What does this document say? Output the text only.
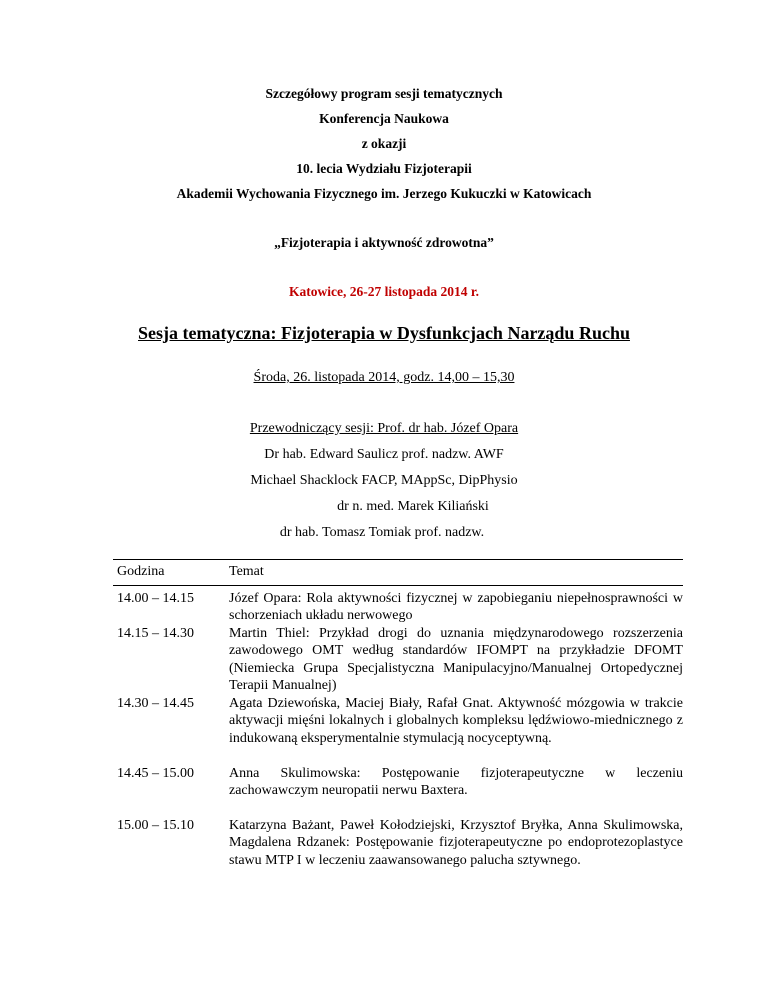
Szczegółowy program sesji tematycznych
Konferencja Naukowa
z okazji
10. lecia Wydziału Fizjoterapii
Akademii Wychowania Fizycznego im. Jerzego Kukuczki w Katowicach
„Fizjoterapia i aktywność zdrowotna”
Katowice, 26-27 listopada 2014 r.
Sesja tematyczna: Fizjoterapia w Dysfunkcjach Narządu Ruchu
Środa, 26. listopada 2014, godz. 14,00 – 15,30
Przewodniczący sesji: Prof. dr hab. Józef Opara
Dr hab. Edward Saulicz prof. nadzw. AWF
Michael Shacklock FACP, MAppSc, DipPhysio
dr n. med. Marek Kiliański
dr hab. Tomasz Tomiak prof. nadzw.
Godzina	Temat
14.00 – 14.15	Józef Opara: Rola aktywności fizycznej w zapobieganiu niepełnosprawności w schorzeniach układu nerwowego
14.15 – 14.30	Martin Thiel: Przykład drogi do uznania międzynarodowego rozszerzenia zawodowego OMT według standardów IFOMPT na przykładzie DFOMT (Niemiecka Grupa Specjalistyczna Manipulacyjno/Manualnej Ortopedycznej Terapii Manualnej)
14.30 – 14.45	Agata Dziewońska, Maciej Biały, Rafał Gnat. Aktywność mózgowia w trakcie aktywacji mięśni lokalnych i globalnych kompleksu lędźwiowo-miednicznego z indukowaną eksperymentalnie stymulacją nocyceptywną.
14.45 – 15.00	Anna Skulimowska: Postępowanie fizjoterapeutyczne w leczeniu zachowawczym neuropatii nerwu Baxtera.
15.00 – 15.10	Katarzyna Bażant, Paweł Kołodziejski, Krzysztof Bryłka, Anna Skulimowska, Magdalena Rdzanek: Postępowanie fizjoterapeutyczne po endoprotezoplastyce stawu MTP I w leczeniu zaawansowanego palucha sztywnego.
